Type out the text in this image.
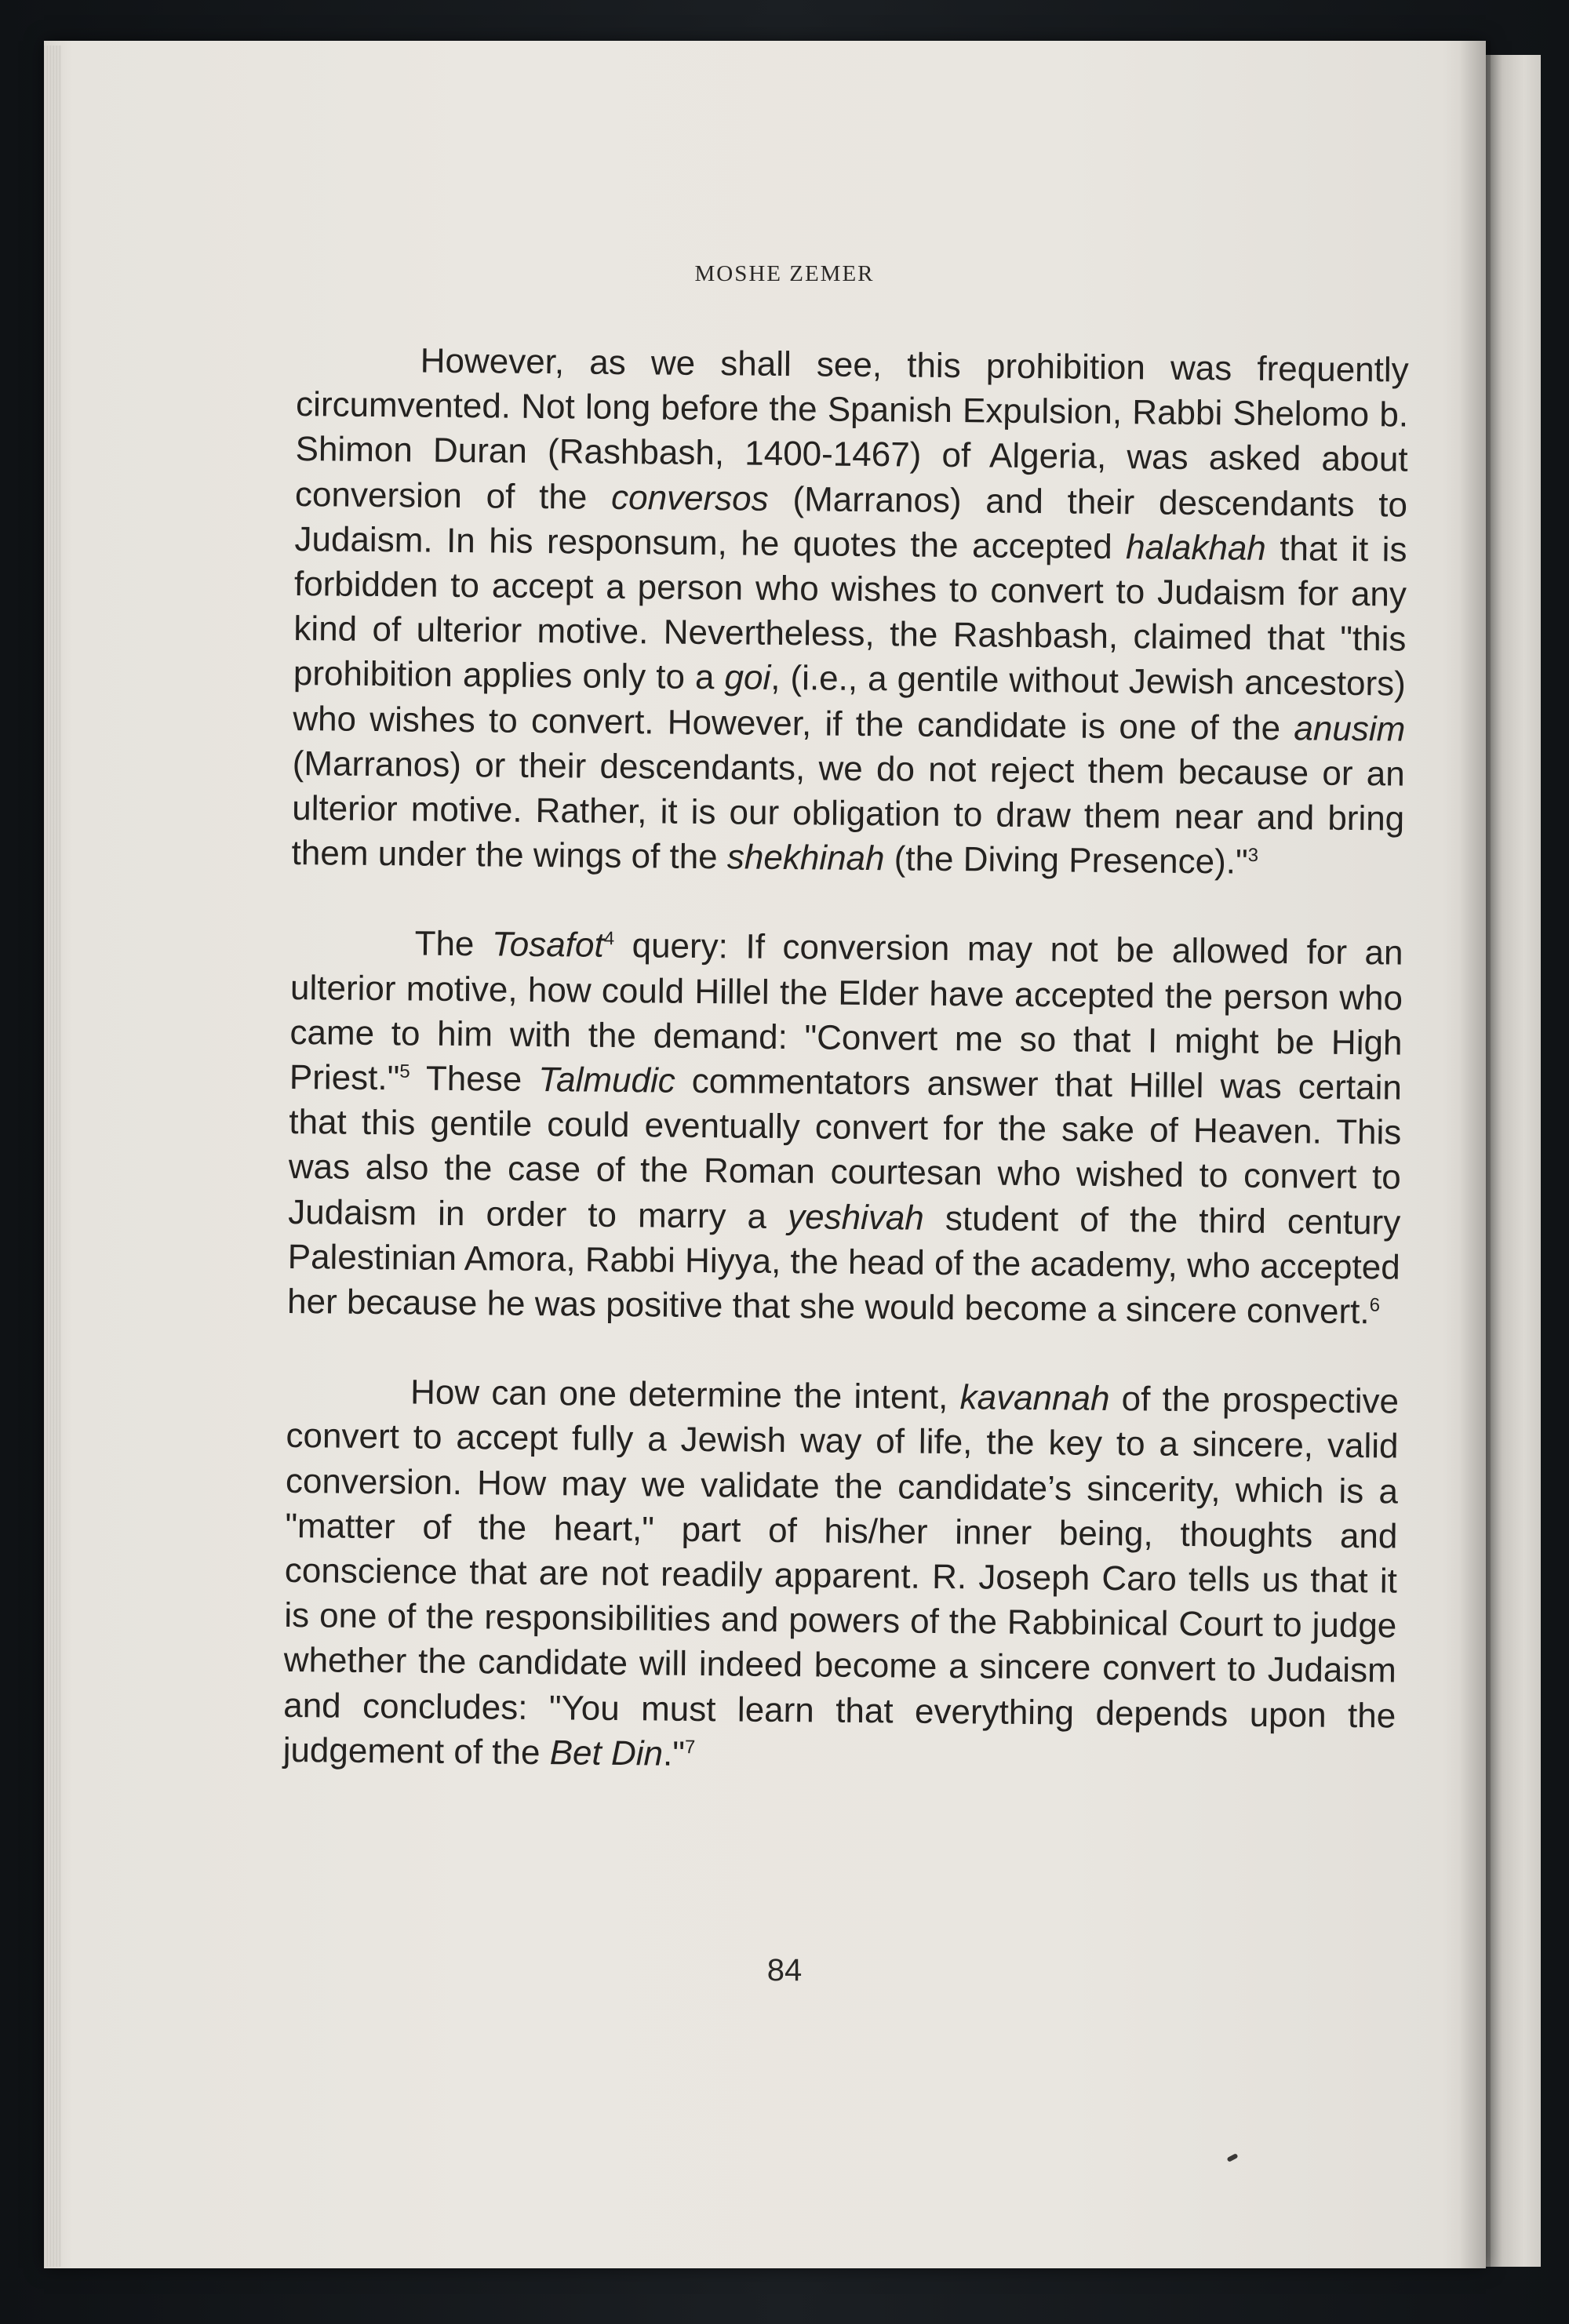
MOSHE ZEMER

However, as we shall see, this prohibition was frequently circumvented. Not long before the Spanish Expulsion, Rabbi Shelomo b. Shimon Duran (Rashbash, 1400-1467) of Algeria, was asked about conversion of the conversos (Marranos) and their descendants to Judaism. In his responsum, he quotes the accepted halakhah that it is forbidden to accept a person who wishes to convert to Judaism for any kind of ulterior motive. Nevertheless, the Rashbash, claimed that "this prohibition applies only to a goi, (i.e., a gentile without Jewish ancestors) who wishes to convert. However, if the candidate is one of the anusim (Marranos) or their descendants, we do not reject them because or an ulterior motive. Rather, it is our obligation to draw them near and bring them under the wings of the shekhinah (the Diving Presence)."$^3$

The Tosafot$^4$ query: If conversion may not be allowed for an ulterior motive, how could Hillel the Elder have accepted the person who came to him with the demand: "Convert me so that I might be High Priest."$^5$ These Talmudic commentators answer that Hillel was certain that this gentile could eventually convert for the sake of Heaven. This was also the case of the Roman courtesan who wished to convert to Judaism in order to marry a yeshivah student of the third century Palestinian Amora, Rabbi Hiyya, the head of the academy, who accepted her because he was positive that she would become a sincere convert.$^6$

How can one determine the intent, kavannah of the prospective convert to accept fully a Jewish way of life, the key to a sincere, valid conversion. How may we validate the candidate’s sincerity, which is a "matter of the heart," part of his/her inner being, thoughts and conscience that are not readily apparent. R. Joseph Caro tells us that it is one of the responsibilities and powers of the Rabbinical Court to judge whether the candidate will indeed become a sincere convert to Judaism and concludes: "You must learn that everything depends upon the judgement of the Bet Din."$^7$

84
